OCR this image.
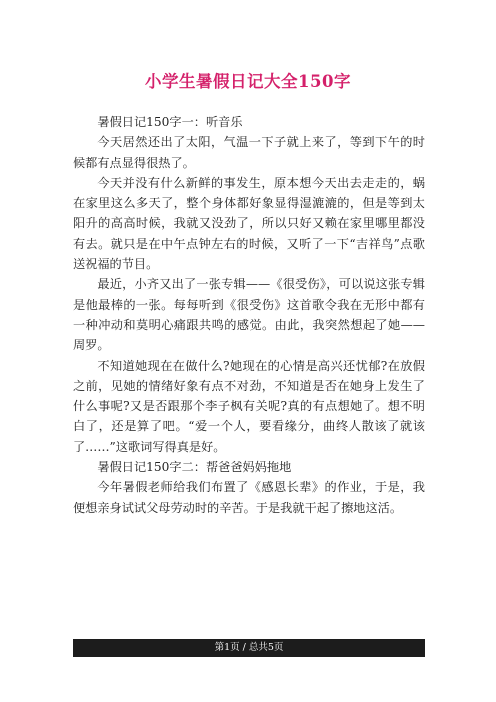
小学生暑假日记大全150字

暑假日记150字一：听音乐

今天居然还出了太阳，气温一下子就上来了，等到下午的时候都有点显得很热了。

今天并没有什么新鲜的事发生，原本想今天出去走走的，蜗在家里这么多天了，整个身体都好象显得湿漉漉的，但是等到太阳升的高高时候，我就又没劲了，所以只好又赖在家里哪里都没有去。就只是在中午点钟左右的时候，又听了一下“吉祥鸟”点歌送祝福的节目。

最近，小齐又出了一张专辑——《很受伤》，可以说这张专辑是他最棒的一张。每每听到《很受伤》这首歌令我在无形中都有一种冲动和莫明心痛跟共鸣的感觉。由此，我突然想起了她——周罗。

不知道她现在在做什么?她现在的心情是高兴还忧郁?在放假之前，见她的情绪好象有点不对劲，不知道是否在她身上发生了什么事呢?又是否跟那个李子枫有关呢?真的有点想她了。想不明白了，还是算了吧。“爱一个人，要看缘分，曲终人散该了就该了……”这歌词写得真是好。

暑假日记150字二：帮爸爸妈妈拖地

今年暑假老师给我们布置了《感恩长辈》的作业，于是，我便想亲身试试父母劳动时的辛苦。于是我就干起了擦地这活。

第1页 / 总共5页
